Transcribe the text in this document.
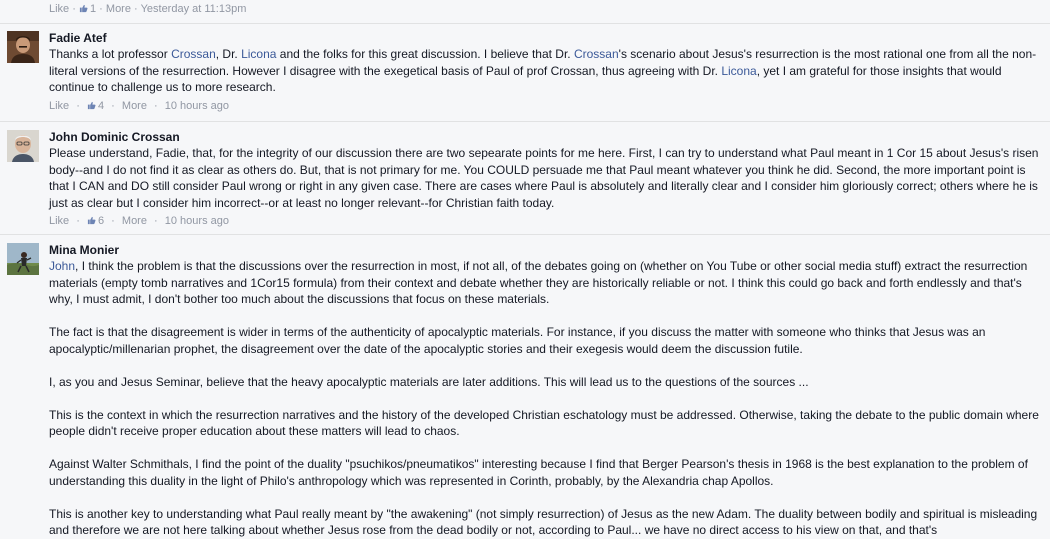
Like · 1 · More · Yesterday at 11:13pm
Fadie Atef

Thanks a lot professor Crossan, Dr. Licona and the folks for this great discussion. I believe that Dr. Crossan's scenario about Jesus's resurrection is the most rational one from all the non-literal versions of the resurrection. However I disagree with the exegetical basis of Paul of prof Crossan, thus agreeing with Dr. Licona, yet I am grateful for those insights that would continue to challenge us to more research.

Like · 4 · More · 10 hours ago
John Dominic Crossan

Please understand, Fadie, that, for the integrity of our discussion there are two sepearate points for me here. First, I can try to understand what Paul meant in 1 Cor 15 about Jesus's risen body--and I do not find it as clear as others do. But, that is not primary for me. You COULD persuade me that Paul meant whatever you think he did. Second, the more important point is that I CAN and DO still consider Paul wrong or right in any given case. There are cases where Paul is absolutely and literally clear and I consider him gloriously correct; others where he is just as clear but I consider him incorrect--or at least no longer relevant--for Christian faith today.

Like · 6 · More · 10 hours ago
Mina Monier

John, I think the problem is that the discussions over the resurrection in most, if not all, of the debates going on (whether on You Tube or other social media stuff) extract the resurrection materials (empty tomb narratives and 1Cor15 formula) from their context and debate whether they are historically reliable or not. I think this could go back and forth endlessly and that's why, I must admit, I don't bother too much about the discussions that focus on these materials.

The fact is that the disagreement is wider in terms of the authenticity of apocalyptic materials. For instance, if you discuss the matter with someone who thinks that Jesus was an apocalyptic/millenarian prophet, the disagreement over the date of the apocalyptic stories and their exegesis would deem the discussion futile.

I, as you and Jesus Seminar, believe that the heavy apocalyptic materials are later additions. This will lead us to the questions of the sources ...

This is the context in which the resurrection narratives and the history of the developed Christian eschatology must be addressed. Otherwise, taking the debate to the public domain where people didn't receive proper education about these matters will lead to chaos.

Against Walter Schmithals, I find the point of the duality "psuchikos/pneumatikos" interesting because I find that Berger Pearson's thesis in 1968 is the best explanation to the problem of understanding this duality in the light of Philo's anthropology which was represented in Corinth, probably, by the Alexandria chap Apollos.

This is another key to understanding what Paul really meant by "the awakening" (not simply resurrection) of Jesus as the new Adam. The duality between bodily and spiritual is misleading and therefore we are not here talking about whether Jesus rose from the dead bodily or not, according to Paul... we have no direct access to his view on that, and that's
